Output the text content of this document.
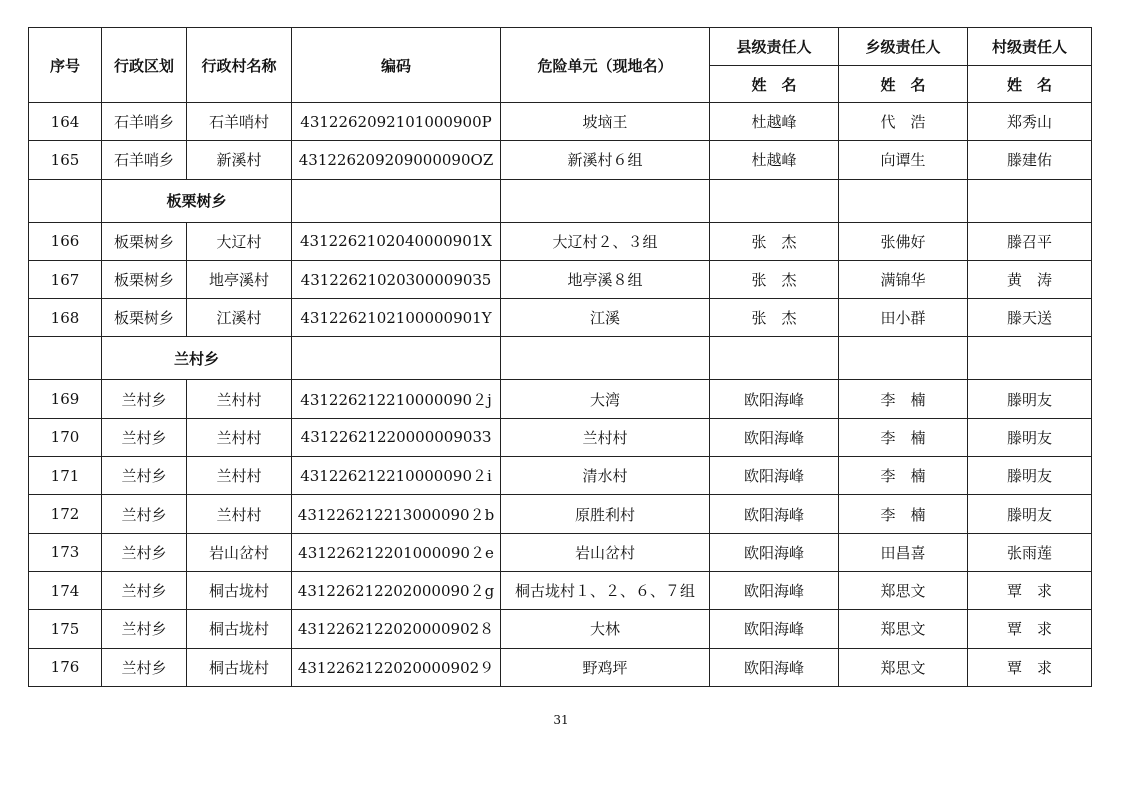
序号	行政区划	行政村名称	编码	危险单元（现地名）	县级责任人	乡级责任人	村级责任人
					姓　名	姓　名	姓　名
164	石羊哨乡	石羊哨村	4312262092101000900P	坡垴王	杜越峰	代　浩	郑秀山
165	石羊哨乡	新溪村	431226209209000090OZ	新溪村６组	杜越峰	向谭生	滕建佑
	板栗树乡						
166	板栗树乡	大辽村	4312262102040000901X	大辽村２、３组	张　杰	张佛好	滕召平
167	板栗树乡	地亭溪村	431226210203000090З5	地亭溪８组	张　杰	满锦华	黄　涛
168	板栗树乡	江溪村	4312262102100000901Y	江溪	张　杰	田小群	滕天送
	兰村乡						
169	兰村乡	兰村村	431226212210000090２j	大湾	欧阳海峰	李　楠	滕明友
170	兰村乡	兰村村	4312262122000000903З	兰村村	欧阳海峰	李　楠	滕明友
171	兰村乡	兰村村	431226212210000090２i	清水村	欧阳海峰	李　楠	滕明友
172	兰村乡	兰村村	431226212213000090２b	原胜利村	欧阳海峰	李　楠	滕明友
173	兰村乡	岩山岔村	431226212201000090２e	岩山岔村	欧阳海峰	田昌喜	张雨莲
174	兰村乡	桐古垅村	431226212202000090２g	桐古垅村１、２、６、７组	欧阳海峰	郑思文	覃　求
175	兰村乡	桐古垅村	4312262122020000902８	大林	欧阳海峰	郑思文	覃　求
176	兰村乡	桐古垅村	4312262122020000902９	野鸡坪	欧阳海峰	郑思文	覃　求
31
